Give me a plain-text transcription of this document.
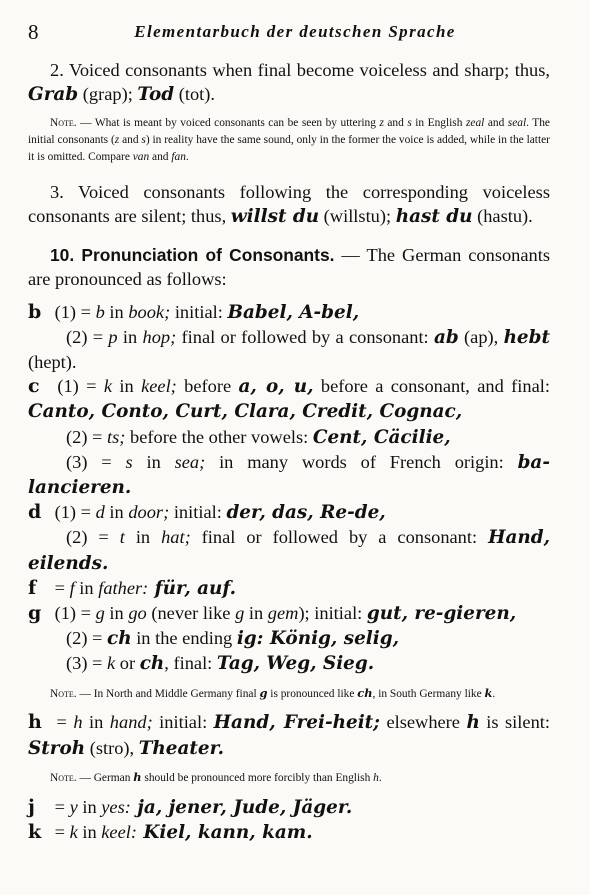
8	Elementarbuch der deutschen Sprache

2. Voiced consonants when final become voiceless and sharp; thus, Grab (grap); Tod (tot).

Note. — What is meant by voiced consonants can be seen by uttering z and s in English zeal and seal. The initial consonants (z and s) in reality have the same sound, only in the former the voice is added, while in the latter it is omitted. Compare van and fan.

3. Voiced consonants following the corresponding voiceless consonants are silent; thus, willst du (willstu); hast du (hastu).

10. Pronunciation of Consonants. — The German consonants are pronounced as follows:

b (1) = b in book; initial: Babel, A-bel,

(2) = p in hop; final or followed by a consonant: ab (ap), hebt (hept).

c (1) = k in keel; before a, o, u, before a consonant, and final: Canto, Conto, Curt, Clara, Credit, Cognac,

(2) = ts; before the other vowels: Cent, Cäcilie,

(3) = s in sea; in many words of French origin: ba-lancieren.

d (1) = d in door; initial: der, das, Re-de,

(2) = t in hat; final or followed by a consonant: Hand, eilends.

f = f in father: für, auf.

g (1) = g in go (never like g in gem); initial: gut, re-gieren,

(2) = ch in the ending ig: König, selig,

(3) = k or ch, final: Tag, Weg, Sieg.

Note. — In North and Middle Germany final g is pronounced like ch, in South Germany like k.

h = h in hand; initial: Hand, Frei-heit; elsewhere h is silent: Stroh (stro), Theater.

Note. — German h should be pronounced more forcibly than English h.

j = y in yes: ja, jener, Jude, Jäger.

k = k in keel: Kiel, kann, kam.
